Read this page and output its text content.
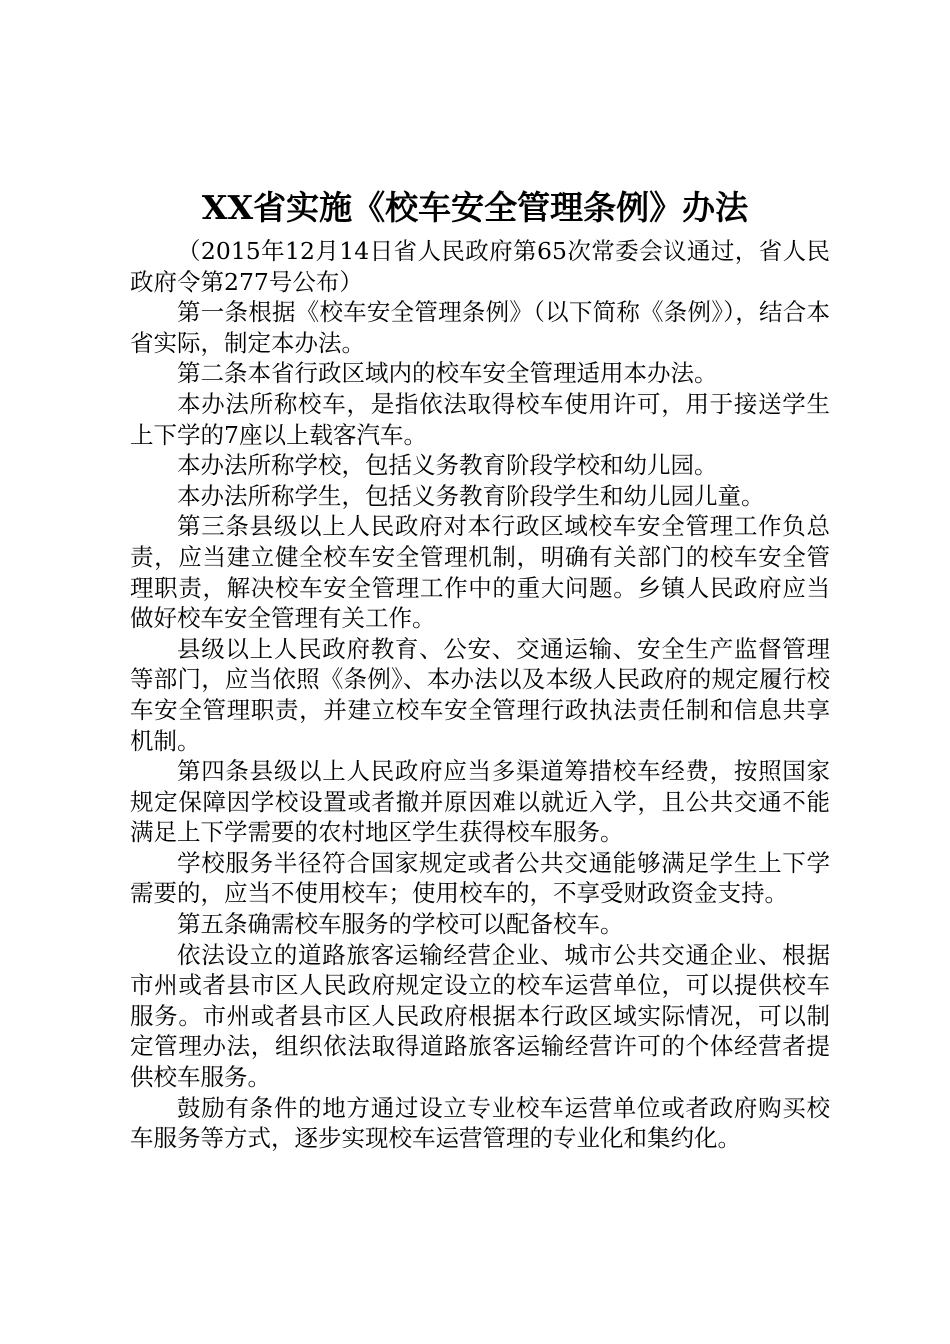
XX省实施《校车安全管理条例》办法

（2015年12月14日省人民政府第65次常委会议通过，省人民政府令第277号公布）

第一条根据《校车安全管理条例》（以下简称《条例》），结合本省实际，制定本办法。

第二条本省行政区域内的校车安全管理适用本办法。

本办法所称校车，是指依法取得校车使用许可，用于接送学生上下学的7座以上载客汽车。

本办法所称学校，包括义务教育阶段学校和幼儿园。

本办法所称学生，包括义务教育阶段学生和幼儿园儿童。

第三条县级以上人民政府对本行政区域校车安全管理工作负总责，应当建立健全校车安全管理机制，明确有关部门的校车安全管理职责，解决校车安全管理工作中的重大问题。乡镇人民政府应当做好校车安全管理有关工作。

县级以上人民政府教育、公安、交通运输、安全生产监督管理等部门，应当依照《条例》、本办法以及本级人民政府的规定履行校车安全管理职责，并建立校车安全管理行政执法责任制和信息共享机制。

第四条县级以上人民政府应当多渠道筹措校车经费，按照国家规定保障因学校设置或者撤并原因难以就近入学，且公共交通不能满足上下学需要的农村地区学生获得校车服务。

学校服务半径符合国家规定或者公共交通能够满足学生上下学需要的，应当不使用校车；使用校车的，不享受财政资金支持。

第五条确需校车服务的学校可以配备校车。

依法设立的道路旅客运输经营企业、城市公共交通企业、根据市州或者县市区人民政府规定设立的校车运营单位，可以提供校车服务。市州或者县市区人民政府根据本行政区域实际情况，可以制定管理办法，组织依法取得道路旅客运输经营许可的个体经营者提供校车服务。

鼓励有条件的地方通过设立专业校车运营单位或者政府购买校车服务等方式，逐步实现校车运营管理的专业化和集约化。
